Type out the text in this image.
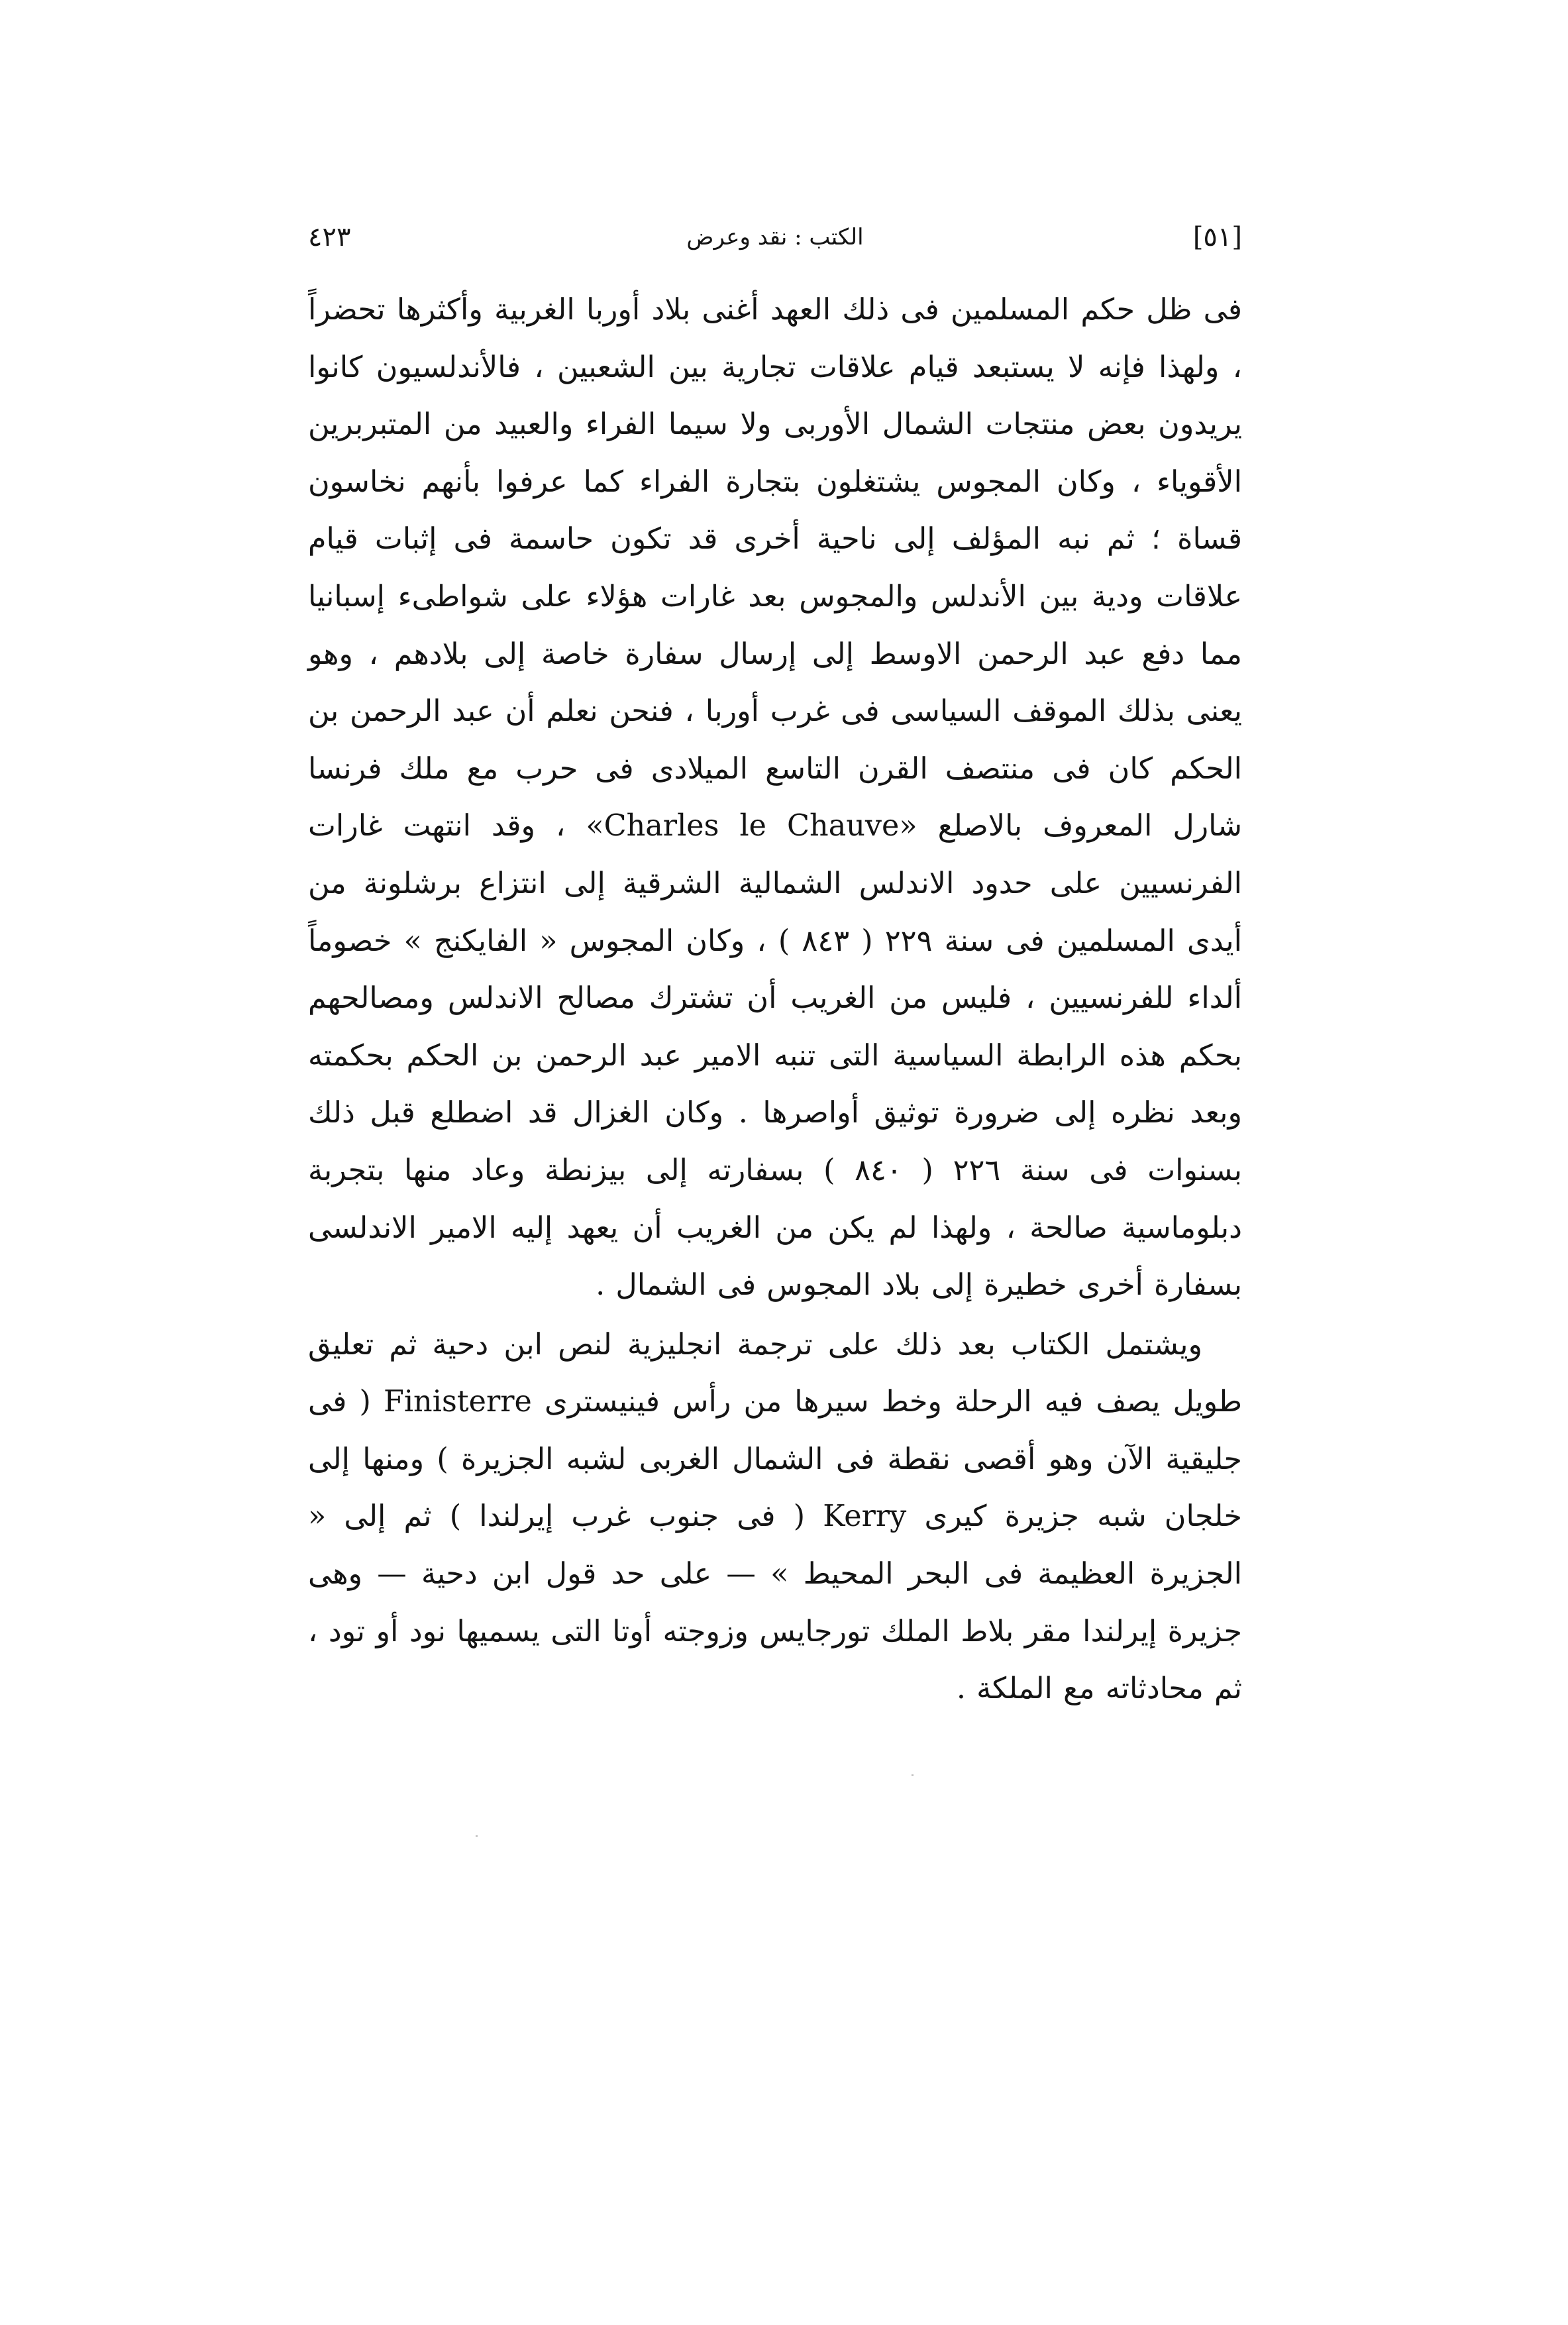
٤٢٣	الكتب : نقد وعرض	[٥١]

فى ظل حكم المسلمين فى ذلك العهد أغنى بلاد أوربا الغربية وأكثرها تحضراً ، ولهذا فإنه لا يستبعد قيام علاقات تجارية بين الشعبين ، فالأندلسيون كانوا يريدون بعض منتجات الشمال الأوربى ولا سيما الفراء والعبيد من المتبربرين الأقوياء ، وكان المجوس يشتغلون بتجارة الفراء كما عرفوا بأنهم نخاسون قساة ؛ ثم نبه المؤلف إلى ناحية أخرى قد تكون حاسمة فى إثبات قيام علاقات ودية بين الأندلس والمجوس بعد غارات هؤلاء على شواطىء إسبانيا مما دفع عبد الرحمن الاوسط إلى إرسال سفارة خاصة إلى بلادهم ، وهو يعنى بذلك الموقف السياسى فى غرب أوربا ، فنحن نعلم أن عبد الرحمن بن الحكم كان فى منتصف القرن التاسع الميلادى فى حرب مع ملك فرنسا شارل المعروف بالاصلع «Charles le Chauve» ، وقد انتهت غارات الفرنسيين على حدود الاندلس الشمالية الشرقية إلى انتزاع برشلونة من أيدى المسلمين فى سنة ٢٢٩ ( ٨٤٣ ) ، وكان المجوس « الفايكنج » خصوماً ألداء للفرنسيين ، فليس من الغريب أن تشترك مصالح الاندلس ومصالحهم بحكم هذه الرابطة السياسية التى تنبه الامير عبد الرحمن بن الحكم بحكمته وبعد نظره إلى ضرورة توثيق أواصرها . وكان الغزال قد اضطلع قبل ذلك بسنوات فى سنة ٢٢٦ ( ٨٤٠ ) بسفارته إلى بيزنطة وعاد منها بتجربة دبلوماسية صالحة ، ولهذا لم يكن من الغريب أن يعهد إليه الامير الاندلسى بسفارة أخرى خطيرة إلى بلاد المجوس فى الشمال .

ويشتمل الكتاب بعد ذلك على ترجمة انجليزية لنص ابن دحية ثم تعليق طويل يصف فيه الرحلة وخط سيرها من رأس فينيسترى Finisterre ( فى جليقية الآن وهو أقصى نقطة فى الشمال الغربى لشبه الجزيرة ) ومنها إلى خلجان شبه جزيرة كيرى Kerry ( فى جنوب غرب إيرلندا ) ثم إلى « الجزيرة العظيمة فى البحر المحيط » — على حد قول ابن دحية — وهى جزيرة إيرلندا مقر بلاط الملك تورجايس وزوجته أوتا التى يسميها نود أو تود ، ثم محادثاته مع الملكة .
